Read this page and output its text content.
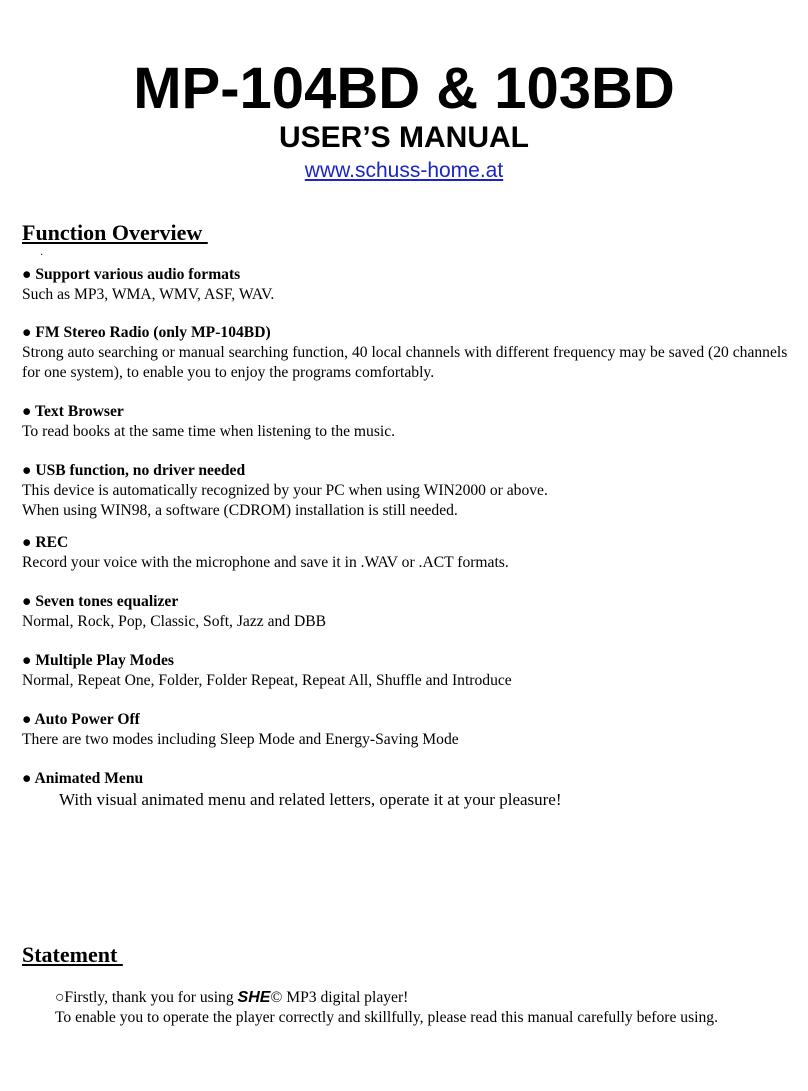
MP-104BD & 103BD
USER’S MANUAL
www.schuss-home.at
Function Overview
·
● Support various audio formats
Such as MP3, WMA, WMV, ASF, WAV.
● FM Stereo Radio (only MP-104BD)
Strong auto searching or manual searching function, 40 local channels with different frequency may be saved (20 channels for one system), to enable you to enjoy the programs comfortably.
● Text Browser
To read books at the same time when listening to the music.
● USB function, no driver needed
This device is automatically recognized by your PC when using WIN2000 or above.
When using WIN98, a software (CDROM) installation is still needed.
● REC
Record your voice with the microphone and save it in .WAV or .ACT formats.
● Seven tones equalizer
Normal, Rock, Pop, Classic, Soft, Jazz and DBB
● Multiple Play Modes
Normal, Repeat One, Folder, Folder Repeat, Repeat All, Shuffle and Introduce
● Auto Power Off
There are two modes including Sleep Mode and Energy-Saving Mode
● Animated Menu
With visual animated menu and related letters, operate it at your pleasure!
Statement
○Firstly, thank you for using SHE© MP3 digital player!
To enable you to operate the player correctly and skillfully, please read this manual carefully before using.
